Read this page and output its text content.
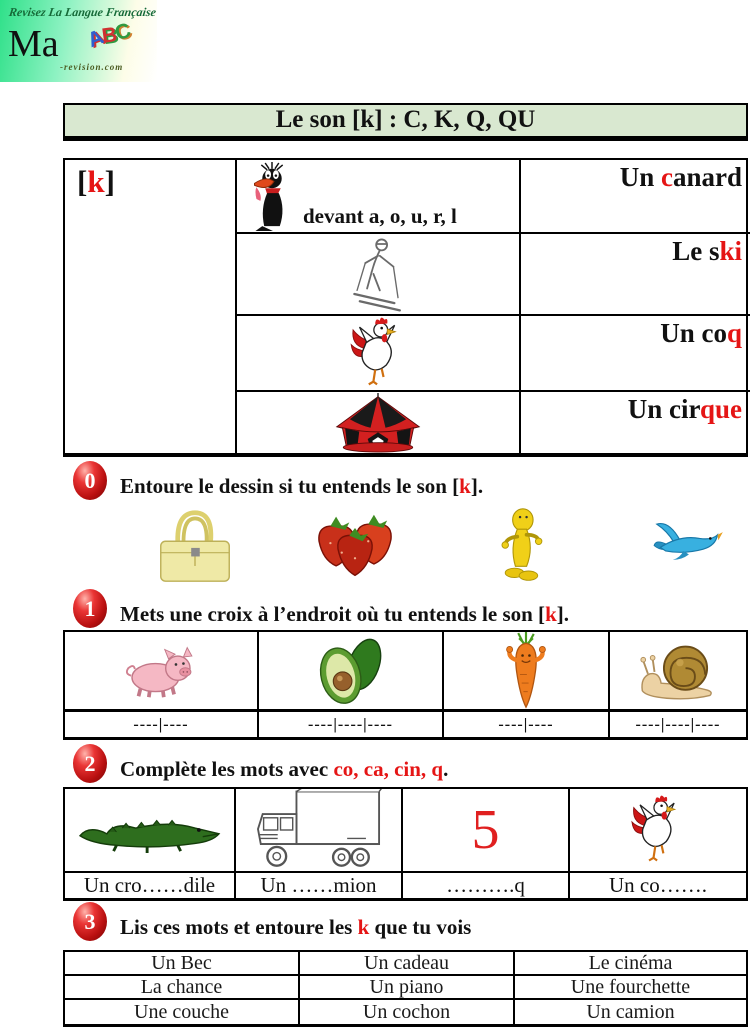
Revisez La Langue Française
Ma ABC
-revision.com
Le son [k] : C, K, Q, QU
[k]
devant a, o, u, r, l
Un canard
Le ski
Un coq
Un cirque
0	Entoure le dessin si tu entends le son [k].
1	Mets une croix à l’endroit où tu entends le son [k].
----|----	----|----|----	----|----	----|----|----
2	Complète les mots avec co, ca, cin, q.
5
Un cro……dile	Un ……mion	……….q	Un co…….
3	Lis ces mots et entoure les k que tu vois
Un Bec	Un cadeau	Le cinéma
La chance	Un piano	Une fourchette
Une couche	Un cochon	Un camion
